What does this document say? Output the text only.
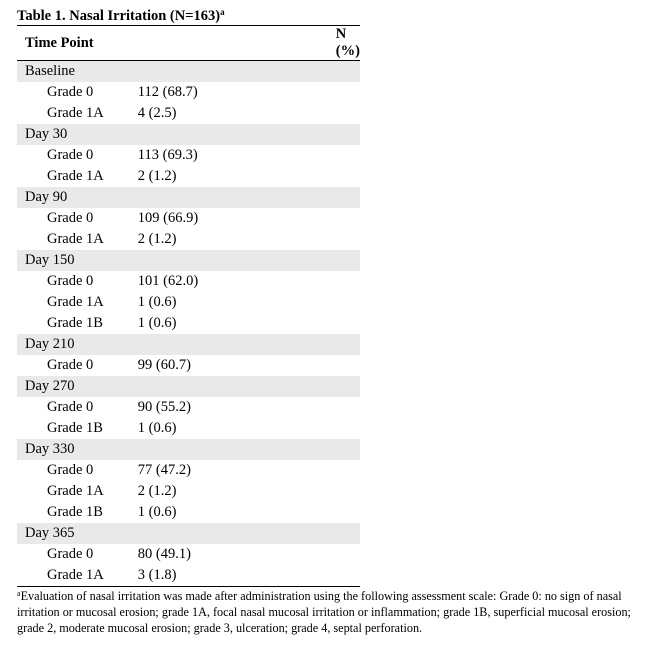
Table 1. Nasal Irritation (N=163)$^a$
Time Point	N (%)
Baseline	
Grade 0	112 (68.7)
Grade 1A	4 (2.5)
Day 30	
Grade 0	113 (69.3)
Grade 1A	2 (1.2)
Day 90	
Grade 0	109 (66.9)
Grade 1A	2 (1.2)
Day 150	
Grade 0	101 (62.0)
Grade 1A	1 (0.6)
Grade 1B	1 (0.6)
Day 210	
Grade 0	99 (60.7)
Day 270	
Grade 0	90 (55.2)
Grade 1B	1 (0.6)
Day 330	
Grade 0	77 (47.2)
Grade 1A	2 (1.2)
Grade 1B	1 (0.6)
Day 365	
Grade 0	80 (49.1)
Grade 1A	3 (1.8)
$^a$Evaluation of nasal irritation was made after administration using the following assessment scale: Grade 0: no sign of nasal irritation or mucosal erosion; grade 1A, focal nasal mucosal irritation or inflammation; grade 1B, superficial mucosal erosion; grade 2, moderate mucosal erosion; grade 3, ulceration; grade 4, septal perforation.
